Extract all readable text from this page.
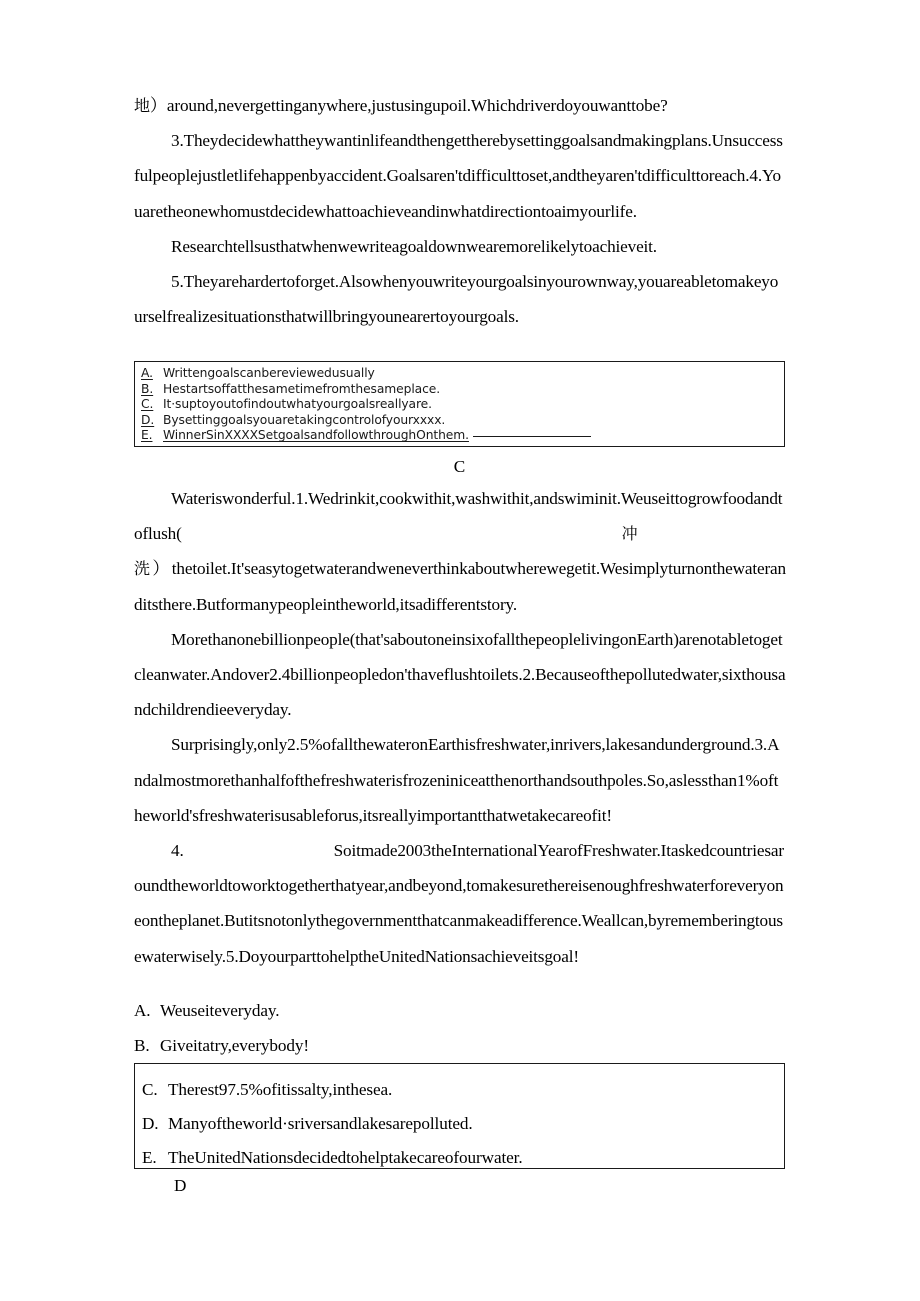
地）around,nevergettinganywhere,justusingupoil.Whichdriverdoyouwanttobe?

3.Theydecidewhattheywantinlifeandthengettherebysettinggoalsandmakingplans.Unsuccessfulpeoplejustletlifehappenbyaccident.Goalsaren'tdifficulttoset,andtheyaren'tdifficulttoreach.4.Youaretheonewhomustdecidewhattoachieveandinwhatdirectiontoaimyourlife.

Researchtellsusthatwhenwewriteagoaldownwearemorelikelytoachieveit.

5.Theyarehardertoforget.Alsowhenyouwriteyourgoalsinyourownway,youareabletomakeyourselfrealizesituationsthatwillbringyounearertoyourgoals.

A. Writtengoalscanbereviewedusually
B. Hestartsoffatthesametimefromthesameplace.
C. It·suptoyoutofindoutwhatyourgoalsreallyare.
D. Bysettinggoalsyouaretakingcontrolofyourxxxx.
E. WinnerSinXXXXSetgoalsandfollowthroughOnthem.

C

Wateriswonderful.1.Wedrinkit,cookwithit,washwithit,andswiminit.Weuseittogrowfoodandtoflush(	冲

洗）thetoilet.It'seasytogetwaterandweneverthinkaboutwherewegetit.Wesimplyturnonthewateranditsthere.Butformanypeopleintheworld,itsadifferentstory.

Morethanonebillionpeople(that'saboutoneinsixofallthepeoplelivingonEarth)arenotabletogetcleanwater.Andover2.4billionpeopledon'thaveflushtoilets.2.Becauseofthepollutedwater,sixthousandchildrendieeveryday.

Surprisingly,only2.5%ofallthewateronEarthisfreshwater,inrivers,lakesandunderground.3.Andalmostmorethanhalfofthefreshwaterisfrozeniniceatthenorthandsouthpoles.So,aslessthan1%oftheworld'sfreshwaterisusableforus,itsreallyimportantthatwetakecareofit!

4.	Soitmade2003theInternationalYearofFreshwater.Itaskedcountriesaroundtheworldtoworktogetherthatyear,andbeyond,tomakesurethereisenoughfreshwaterforeveryoneontheplanet.Butitsnotonlythegovernmentthatcanmakeadifference.Weallcan,byrememberingtousewaterwisely.5.DoyourparttohelptheUnitedNationsachieveitsgoal!

A. Weuseiteveryday.
B. Giveitatry,everybody!
C. Therest97.5%ofitissalty,inthesea.
D. Manyoftheworld·sriversandlakesarepolluted.
E. TheUnitedNationsdecidedtohelptakecareofourwater.

D
